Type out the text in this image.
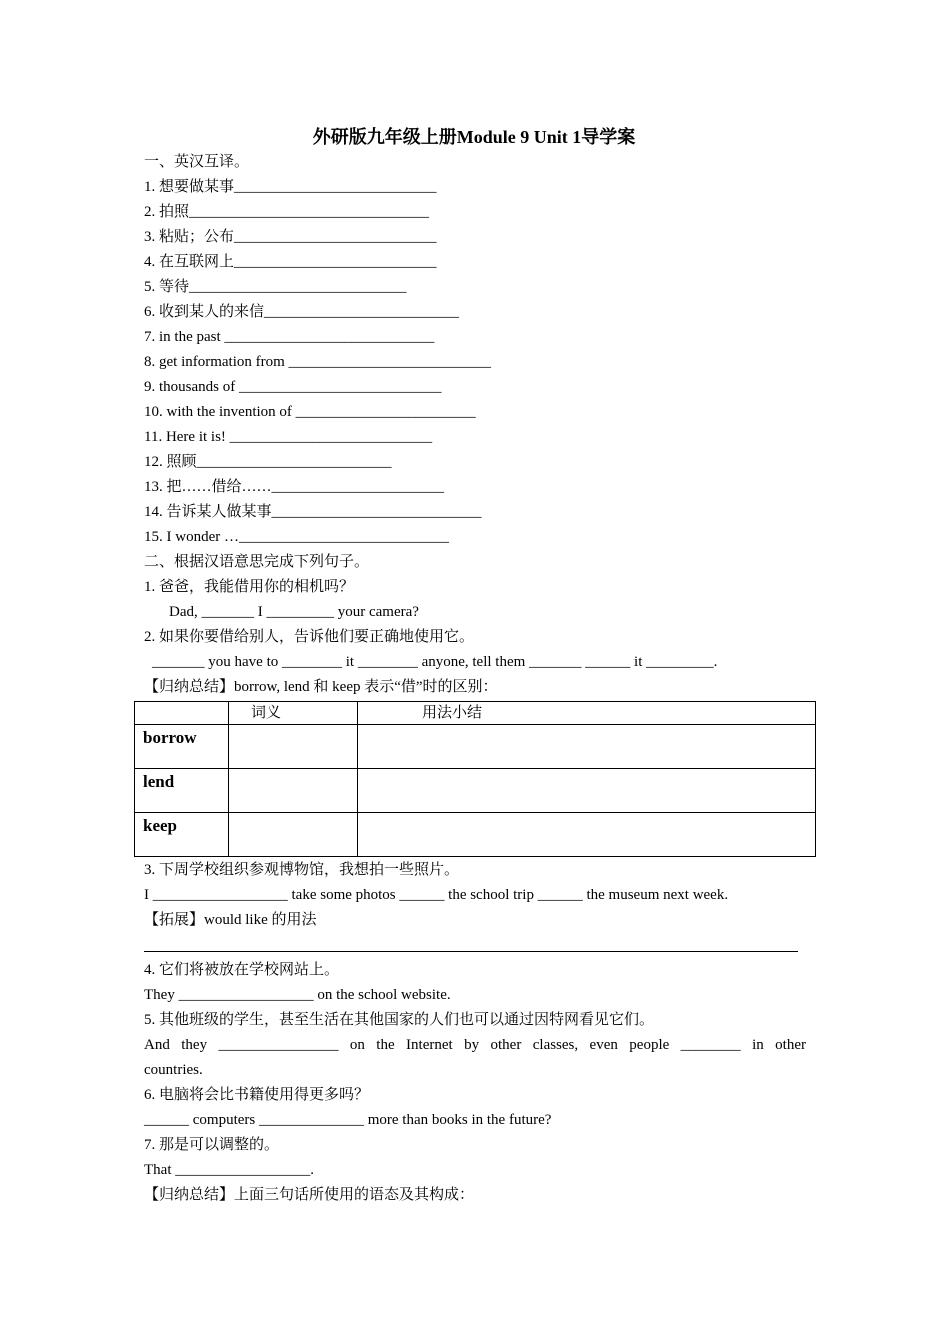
外研版九年级上册Module 9 Unit 1导学案
一、英汉互译。
1. 想要做某事___________________________
2. 拍照________________________________
3. 粘贴；公布___________________________
4. 在互联网上___________________________
5. 等待_____________________________
6. 收到某人的来信__________________________
7. in the past ____________________________
8. get information from ___________________________
9. thousands of ___________________________
10. with the invention of ________________________
11. Here it is! ___________________________
12. 照顾__________________________
13. 把……借给……_______________________
14. 告诉某人做某事____________________________
15. I wonder …____________________________
二、根据汉语意思完成下列句子。
1. 爸爸，我能借用你的相机吗？
Dad, _______ I _________ your camera?
2. 如果你要借给别人，告诉他们要正确地使用它。
_______ you have to ________ it ________ anyone, tell them _______ ______ it _________.
【归纳总结】borrow, lend 和 keep 表示“借”时的区别：
	词义	用法小结
borrow		
lend		
keep		
3. 下周学校组织参观博物馆，我想拍一些照片。
I __________________ take some photos ______ the school trip ______ the museum next week.
【拓展】would like 的用法
4. 它们将被放在学校网站上。
They __________________ on the school website.
5. 其他班级的学生，甚至生活在其他国家的人们也可以通过因特网看见它们。
And they ________________ on the Internet by other classes, even people ________ in other
countries.
6. 电脑将会比书籍使用得更多吗？
______ computers ______________ more than books in the future?
7. 那是可以调整的。
That __________________.
【归纳总结】上面三句话所使用的语态及其构成：
